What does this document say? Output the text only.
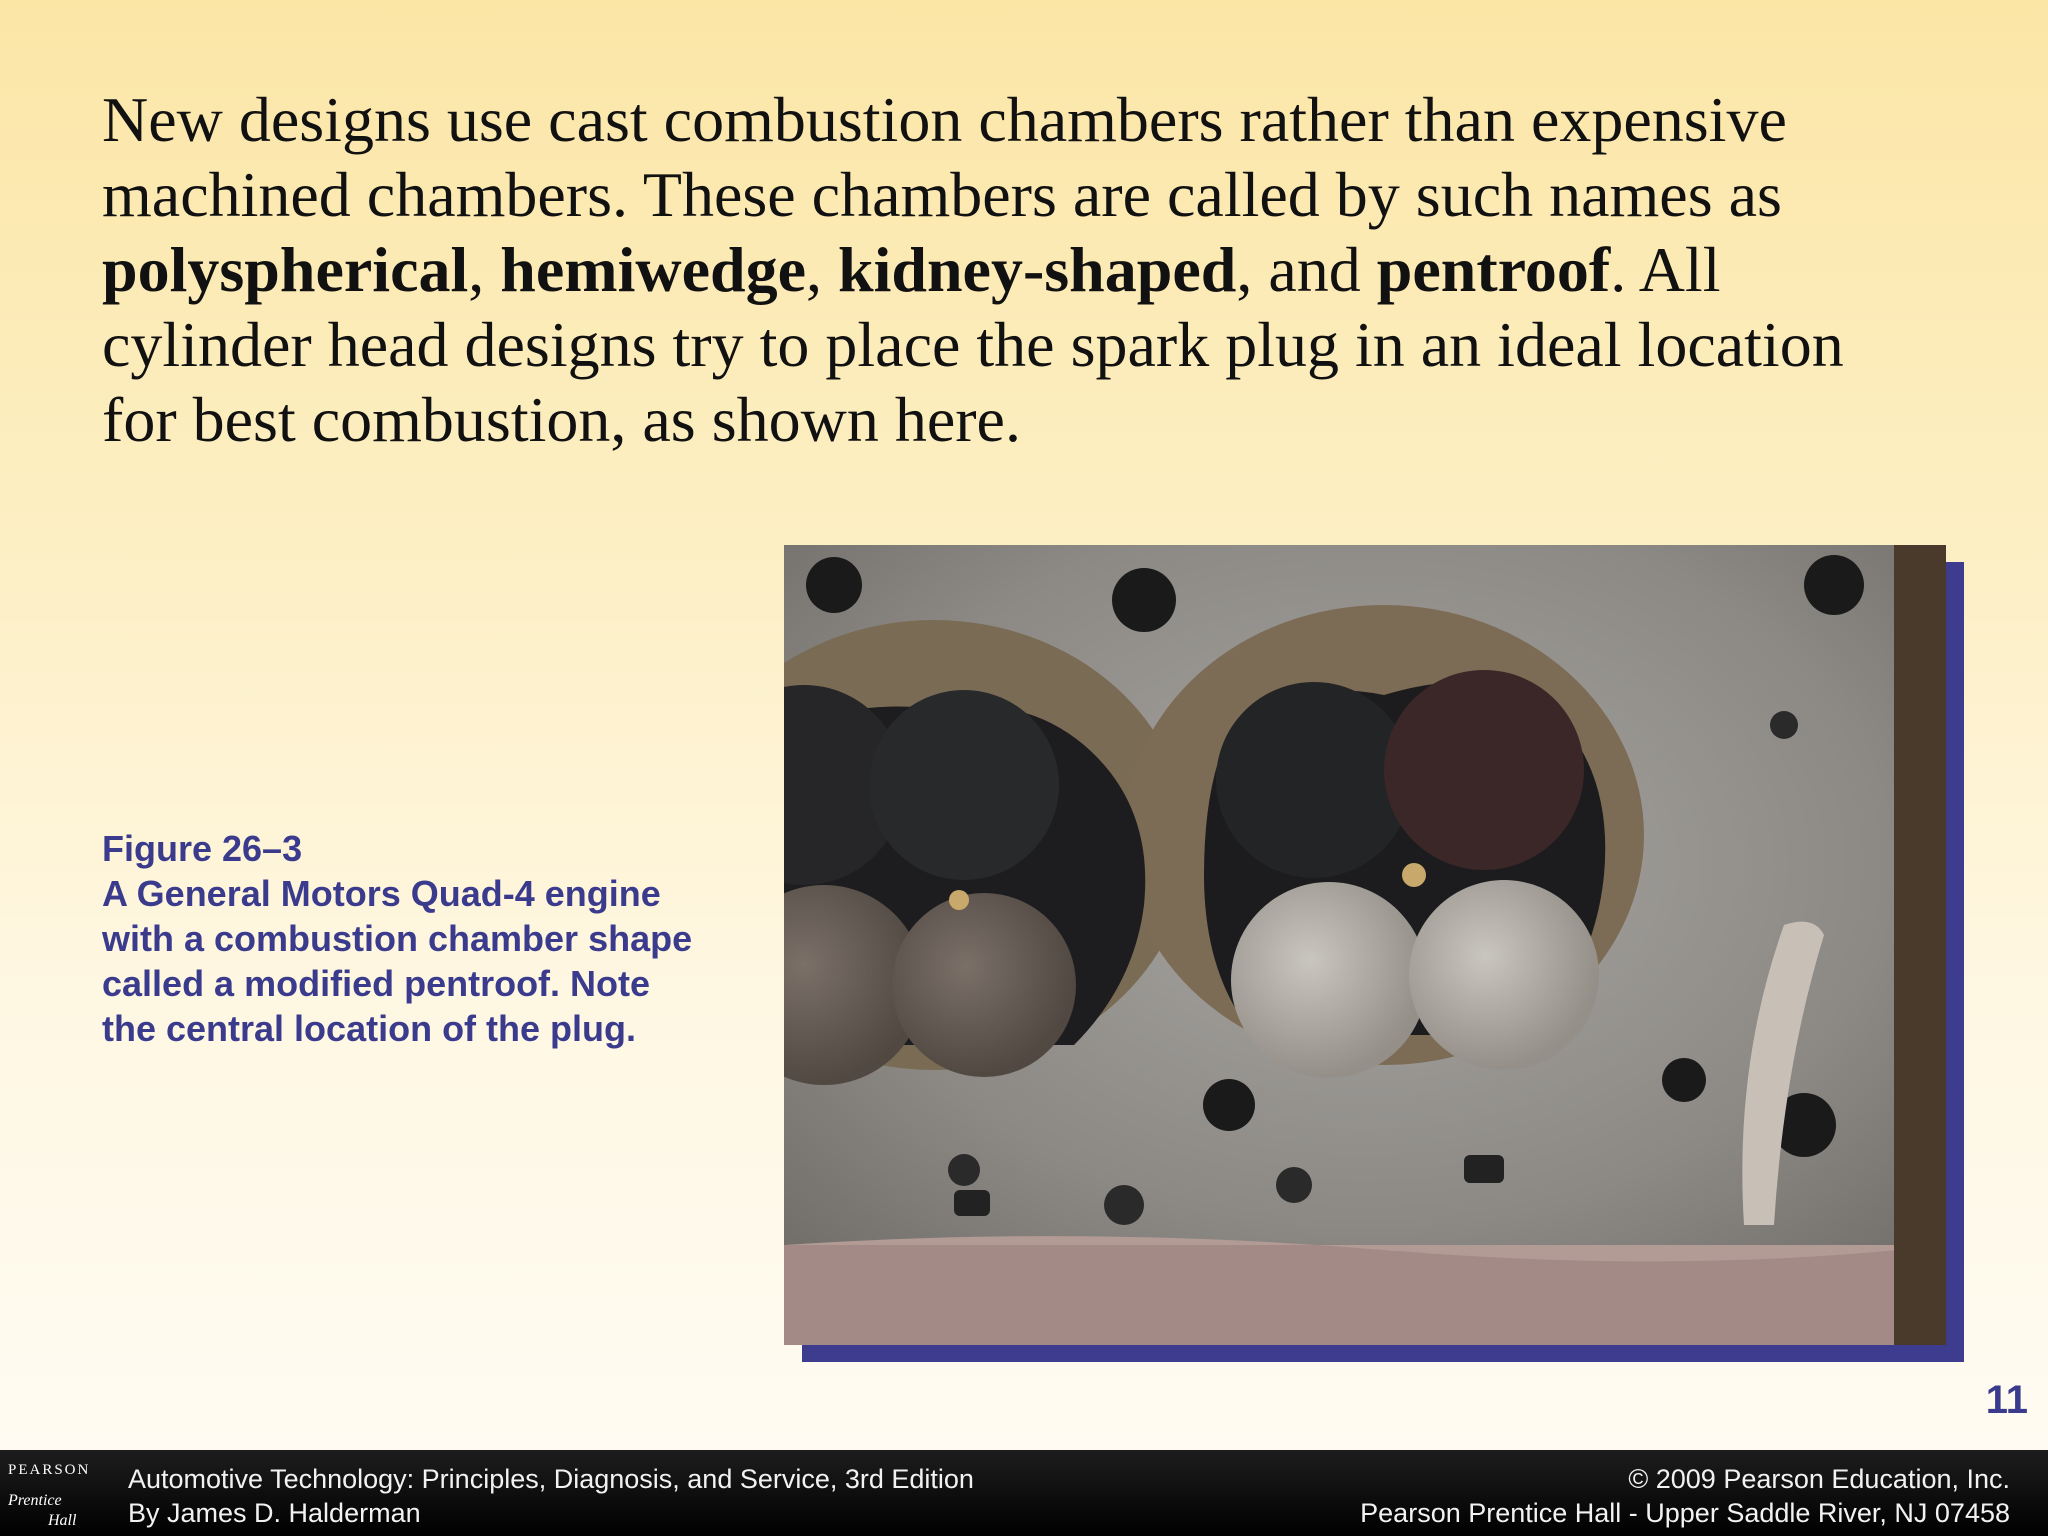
New designs use cast combustion chambers rather than expensive
machined chambers. These chambers are called by such names as
polyspherical, hemiwedge, kidney-shaped, and pentroof. All
cylinder head designs try to place the spark plug in an ideal location
for best combustion, as shown here.
Figure 26–3
A General Motors Quad-4 engine
with a combustion chamber shape
called a modified pentroof. Note
the central location of the plug.
11
PEARSON
Prentice
Hall
Automotive Technology: Principles, Diagnosis, and Service, 3rd Edition
By James D. Halderman
© 2009 Pearson Education, Inc.
Pearson Prentice Hall - Upper Saddle River, NJ 07458
